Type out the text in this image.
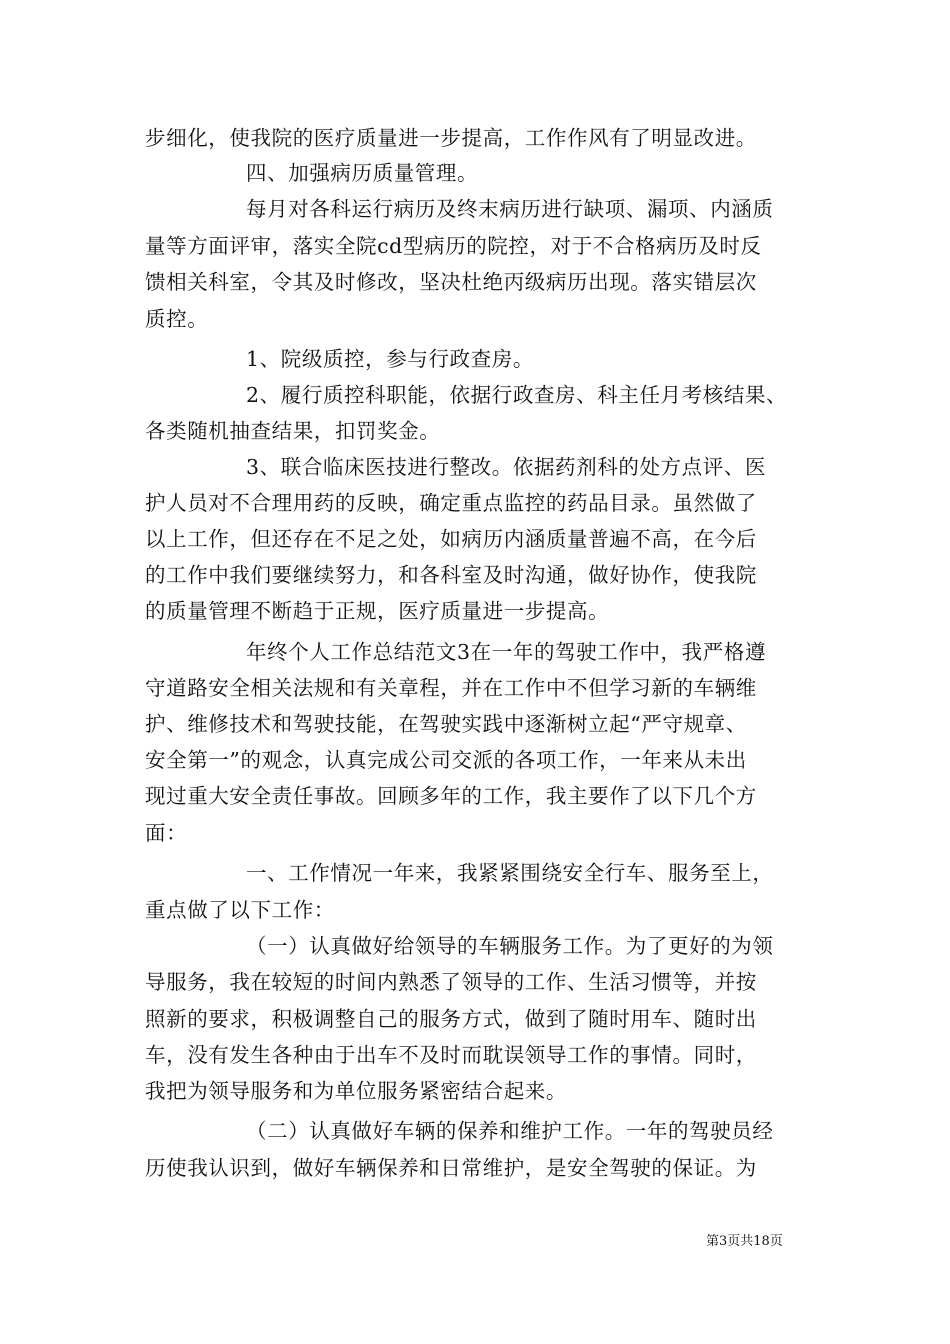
步细化，使我院的医疗质量进一步提高，工作作风有了明显改进。
四、加强病历质量管理。
每月对各科运行病历及终末病历进行缺项、漏项、内涵质
量等方面评审，落实全院cd型病历的院控，对于不合格病历及时反
馈相关科室，令其及时修改，坚决杜绝丙级病历出现。落实错层次
质控。
1、院级质控，参与行政查房。
2、履行质控科职能，依据行政查房、科主任月考核结果、
各类随机抽查结果，扣罚奖金。
3、联合临床医技进行整改。依据药剂科的处方点评、医
护人员对不合理用药的反映，确定重点监控的药品目录。虽然做了
以上工作，但还存在不足之处，如病历内涵质量普遍不高，在今后
的工作中我们要继续努力，和各科室及时沟通，做好协作，使我院
的质量管理不断趋于正规，医疗质量进一步提高。
年终个人工作总结范文3在一年的驾驶工作中，我严格遵
守道路安全相关法规和有关章程，并在工作中不但学习新的车辆维
护、维修技术和驾驶技能，在驾驶实践中逐渐树立起“严守规章、
安全第一”的观念，认真完成公司交派的各项工作，一年来从未出
现过重大安全责任事故。回顾多年的工作，我主要作了以下几个方
面：
一、工作情况一年来，我紧紧围绕安全行车、服务至上，
重点做了以下工作：
（一）认真做好给领导的车辆服务工作。为了更好的为领
导服务，我在较短的时间内熟悉了领导的工作、生活习惯等，并按
照新的要求，积极调整自己的服务方式，做到了随时用车、随时出
车，没有发生各种由于出车不及时而耽误领导工作的事情。同时，
我把为领导服务和为单位服务紧密结合起来。
（二）认真做好车辆的保养和维护工作。一年的驾驶员经
历使我认识到，做好车辆保养和日常维护，是安全驾驶的保证。为
第3页共18页
